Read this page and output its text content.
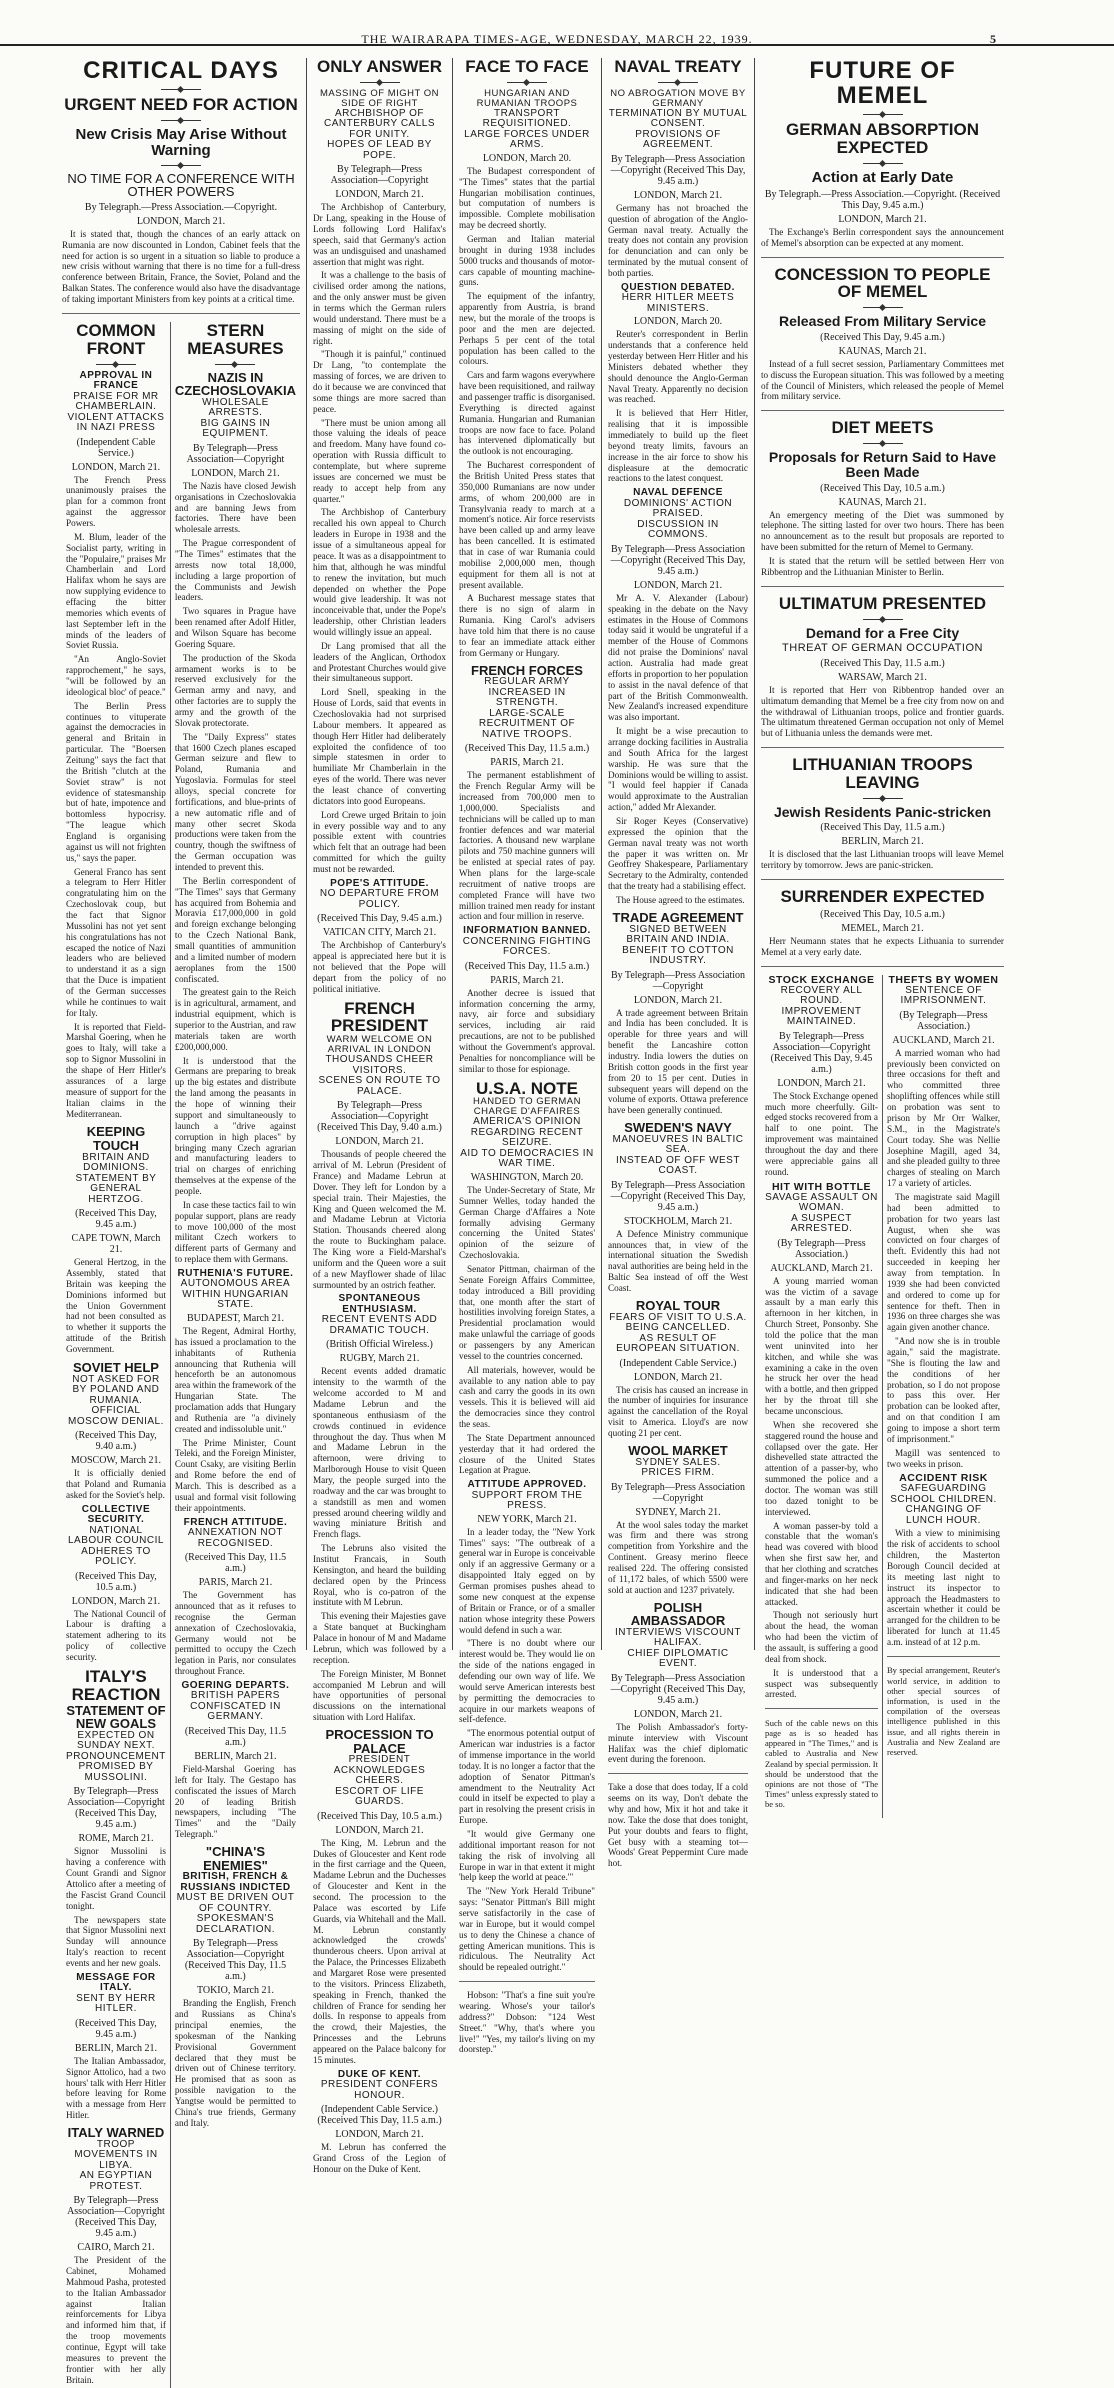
THE WAIRARAPA TIMES-AGE, WEDNESDAY, MARCH 22, 1939.	5
CRITICAL DAYS
URGENT NEED FOR ACTION
New Crisis May Arise Without Warning
NO TIME FOR A CONFERENCE WITH OTHER POWERS
By Telegraph.—Press Association.—Copyright.
LONDON, March 21.

It is stated that, though the chances of an early attack on Rumania are now discounted in London, Cabinet feels that the need for action is so urgent in a situation so liable to produce a new crisis without warning that there is no time for a full-dress conference between Britain, France, the Soviet, Poland and the Balkan States. The conference would also have the disadvantage of taking important Ministers from key points at a critical time.

COMMON FRONT
APPROVAL IN FRANCE
PRAISE FOR MR CHAMBERLAIN.
VIOLENT ATTACKS IN NAZI PRESS
(Independent Cable Service.)
LONDON, March 21.

The French Press unanimously praises the plan for a common front against the aggressor Powers.

M. Blum, leader of the Socialist party, writing in the "Populaire," praises Mr Chamberlain and Lord Halifax whom he says are now supplying evidence to effacing the bitter memories which events of last September left in the minds of the leaders of Soviet Russia.

"An Anglo-Soviet rapprochement," he says, "will be followed by an ideological bloc' of peace."

The Berlin Press continues to vituperate against the democracies in general and Britain in particular. The "Boersen Zeitung" says the fact that the British "clutch at the Soviet straw" is not evidence of statesmanship but of hate, impotence and bottomless hypocrisy. "The league which England is organising against us will not frighten us," says the paper.

General Franco has sent a telegram to Herr Hitler congratulating him on the Czechoslovak coup, but the fact that Signor Mussolini has not yet sent his congratulations has not escaped the notice of Nazi leaders who are believed to understand it as a sign that the Duce is impatient of the German successes while he continues to wait for Italy.

It is reported that Field-Marshal Goering, when he goes to Italy, will take a sop to Signor Mussolini in the shape of Herr Hitler's assurances of a large measure of support for the Italian claims in the Mediterranean.

KEEPING TOUCH
BRITAIN AND DOMINIONS.
STATEMENT BY GENERAL HERTZOG.
(Received This Day, 9.45 a.m.)
CAPE TOWN, March 21.

General Hertzog, in the Assembly, stated that Britain was keeping the Dominions informed but the Union Government had not been consulted as to whether it supports the attitude of the British Government.

SOVIET HELP
NOT ASKED FOR BY POLAND AND RUMANIA.
OFFICIAL MOSCOW DENIAL.
(Received This Day, 9.40 a.m.)
MOSCOW, March 21.

It is officially denied that Poland and Rumania asked for the Soviet's help.

COLLECTIVE SECURITY.
NATIONAL LABOUR COUNCIL ADHERES TO POLICY.
(Received This Day, 10.5 a.m.)
LONDON, March 21.

The National Council of Labour is drafting a statement adhering to its policy of collective security.

ITALY'S REACTION
STATEMENT OF NEW GOALS
EXPECTED ON SUNDAY NEXT.
PRONOUNCEMENT PROMISED BY MUSSOLINI.
By Telegraph—Press Association—Copyright (Received This Day, 9.45 a.m.)
ROME, March 21.

Signor Mussolini is having a conference with Count Grandi and Signor Attolico after a meeting of the Fascist Grand Council tonight.

The newspapers state that Signor Mussolini next Sunday will announce Italy's reaction to recent events and her new goals.

MESSAGE FOR ITALY.
SENT BY HERR HITLER.
(Received This Day, 9.45 a.m.)
BERLIN, March 21.

The Italian Ambassador, Signor Attolico, had a two hours' talk with Herr Hitler before leaving for Rome with a message from Herr Hitler.

ITALY WARNED
TROOP MOVEMENTS IN LIBYA.
AN EGYPTIAN PROTEST.
By Telegraph—Press Association—Copyright (Received This Day, 9.45 a.m.)
CAIRO, March 21.

The President of the Cabinet, Mohamed Mahmoud Pasha, protested to the Italian Ambassador against Italian reinforcements for Libya and informed him that, if the troop movements continue, Egypt will take measures to prevent the frontier with her ally Britain.

STERN MEASURES
NAZIS IN CZECHOSLOVAKIA
WHOLESALE ARRESTS.
BIG GAINS IN EQUIPMENT.
By Telegraph—Press Association—Copyright
LONDON, March 21.

The Nazis have closed Jewish organisations in Czechoslovakia and are banning Jews from factories. There have been wholesale arrests.

The Prague correspondent of "The Times" estimates that the arrests now total 18,000, including a large proportion of the Communists and Jewish leaders.

Two squares in Prague have been renamed after Adolf Hitler, and Wilson Square has become Goering Square.

The production of the Skoda armament works is to be reserved exclusively for the German army and navy, and other factories are to supply the army and the growth of the Slovak protectorate.

The "Daily Express" states that 1600 Czech planes escaped German seizure and flew to Poland, Rumania and Yugoslavia. Formulas for steel alloys, special concrete for fortifications, and blue-prints of a new automatic rifle and of many other secret Skoda productions were taken from the country, though the swiftness of the German occupation was intended to prevent this.

The Berlin correspondent of "The Times" says that Germany has acquired from Bohemia and Moravia £17,000,000 in gold and foreign exchange belonging to the Czech National Bank, small quantities of ammunition and a limited number of modern aeroplanes from the 1500 confiscated.

The greatest gain to the Reich is in agricultural, armament, and industrial equipment, which is superior to the Austrian, and raw materials taken are worth £200,000,000.

It is understood that the Germans are preparing to break up the big estates and distribute the land among the peasants in the hope of winning their support and simultaneously to launch a "drive against corruption in high places" by bringing many Czech agrarian and manufacturing leaders to trial on charges of enriching themselves at the expense of the people.

In case these tactics fail to win popular support, plans are ready to move 100,000 of the most militant Czech workers to different parts of Germany and to replace them with Germans.

RUTHENIA'S FUTURE.
AUTONOMOUS AREA WITHIN HUNGARIAN STATE.
BUDAPEST, March 21.

The Regent, Admiral Horthy, has issued a proclamation to the inhabitants of Ruthenia announcing that Ruthenia will henceforth be an autonomous area within the framework of the Hungarian State. The proclamation adds that Hungary and Ruthenia are "a divinely created and indissoluble unit."

The Prime Minister, Count Teleki, and the Foreign Minister, Count Csaky, are visiting Berlin and Rome before the end of March. This is described as a usual and formal visit following their appointments.

FRENCH ATTITUDE.
ANNEXATION NOT RECOGNISED.
(Received This Day, 11.5 a.m.)
PARIS, March 21.

The Government has announced that as it refuses to recognise the German annexation of Czechoslovakia, Germany would not be permitted to occupy the Czech legation in Paris, nor consulates throughout France.

GOERING DEPARTS.
BRITISH PAPERS CONFISCATED IN GERMANY.
(Received This Day, 11.5 a.m.)
BERLIN, March 21.

Field-Marshal Goering has left for Italy. The Gestapo has confiscated the issues of March 20 of leading British newspapers, including "The Times" and the "Daily Telegraph."

"CHINA'S ENEMIES"
BRITISH, FRENCH & RUSSIANS INDICTED
MUST BE DRIVEN OUT OF COUNTRY.
SPOKESMAN'S DECLARATION.
By Telegraph—Press Association—Copyright (Received This Day, 11.5 a.m.)
TOKIO, March 21.

Branding the English, French and Russians as China's principal enemies, the spokesman of the Nanking Provisional Government declared that they must be driven out of Chinese territory. He promised that as soon as possible navigation to the Yangtse would be permitted to China's true friends, Germany and Italy.

ONLY ANSWER
MASSING OF MIGHT ON SIDE OF RIGHT
ARCHBISHOP OF CANTERBURY CALLS FOR UNITY.
HOPES OF LEAD BY POPE.
By Telegraph—Press Association—Copyright
LONDON, March 21.

The Archbishop of Canterbury, Dr Lang, speaking in the House of Lords following Lord Halifax's speech, said that Germany's action was an undisguised and unashamed assertion that might was right.

It was a challenge to the basis of civilised order among the nations, and the only answer must be given in terms which the German rulers would understand. There must be a massing of might on the side of right.

"Though it is painful," continued Dr Lang, "to contemplate the massing of forces, we are driven to do it because we are convinced that some things are more sacred than peace.

"There must be union among all those valuing the ideals of peace and freedom. Many have found co-operation with Russia difficult to contemplate, but where supreme issues are concerned we must be ready to accept help from any quarter."

The Archbishop of Canterbury recalled his own appeal to Church leaders in Europe in 1938 and the issue of a simultaneous appeal for peace. It was as a disappointment to him that, although he was mindful to renew the invitation, but much depended on whether the Pope would give leadership. It was not inconceivable that, under the Pope's leadership, other Christian leaders would willingly issue an appeal.

Dr Lang promised that all the leaders of the Anglican, Orthodox and Protestant Churches would give their simultaneous support.

Lord Snell, speaking in the House of Lords, said that events in Czechoslovakia had not surprised Labour members. It appeared as though Herr Hitler had deliberately exploited the confidence of too simple statesmen in order to humiliate Mr Chamberlain in the eyes of the world. There was never the least chance of converting dictators into good Europeans.

Lord Crewe urged Britain to join in every possible way and to any possible extent with countries which felt that an outrage had been committed for which the guilty must not be rewarded.

POPE'S ATTITUDE.
NO DEPARTURE FROM POLICY.
(Received This Day, 9.45 a.m.)
VATICAN CITY, March 21.

The Archbishop of Canterbury's appeal is appreciated here but it is not believed that the Pope will depart from the policy of no political initiative.

FRENCH PRESIDENT
WARM WELCOME ON ARRIVAL IN LONDON
THOUSANDS CHEER VISITORS.
SCENES ON ROUTE TO PALACE.
By Telegraph—Press Association—Copyright (Received This Day, 9.40 a.m.)
LONDON, March 21.

Thousands of people cheered the arrival of M. Lebrun (President of France) and Madame Lebrun at Dover. They left for London by a special train. Their Majesties, the King and Queen welcomed the M. and Madame Lebrun at Victoria Station. Thousands cheered along the route to Buckingham palace. The King wore a Field-Marshal's uniform and the Queen wore a suit of a new Mayflower shade of lilac surmounted by an ostrich feather.

SPONTANEOUS ENTHUSIASM.
RECENT EVENTS ADD DRAMATIC TOUCH.
(British Official Wireless.)
RUGBY, March 21.

Recent events added dramatic intensity to the warmth of the welcome accorded to M and Madame Lebrun and the spontaneous enthusiasm of the crowds continued in evidence throughout the day. Thus when M and Madame Lebrun in the afternoon, were driving to Marlborough House to visit Queen Mary, the people surged into the roadway and the car was brought to a standstill as men and women pressed around cheering wildly and waving miniature British and French flags.

The Lebruns also visited the Institut Francais, in South Kensington, and heard the building declared open by the Princess Royal, who is co-patron of the institute with M Lebrun.

This evening their Majesties gave a State banquet at Buckingham Palace in honour of M and Madame Lebrun, which was followed by a reception.

The Foreign Minister, M Bonnet accompanied M Lebrun and will have opportunities of personal discussions on the international situation with Lord Halifax.

PROCESSION TO PALACE
PRESIDENT ACKNOWLEDGES CHEERS.
ESCORT OF LIFE GUARDS.
(Received This Day, 10.5 a.m.)
LONDON, March 21.

The King, M. Lebrun and the Dukes of Gloucester and Kent rode in the first carriage and the Queen, Madame Lebrun and the Duchesses of Gloucester and Kent in the second. The procession to the Palace was escorted by Life Guards, via Whitehall and the Mall. M. Lebrun constantly acknowledged the crowds' thunderous cheers. Upon arrival at the Palace, the Princesses Elizabeth and Margaret Rose were presented to the visitors. Princess Elizabeth, speaking in French, thanked the children of France for sending her dolls. In response to appeals from the crowd, their Majesties, the Princesses and the Lebruns appeared on the Palace balcony for 15 minutes.

DUKE OF KENT.
PRESIDENT CONFERS HONOUR.
(Independent Cable Service.) (Received This Day, 11.5 a.m.)
LONDON, March 21.

M. Lebrun has conferred the Grand Cross of the Legion of Honour on the Duke of Kent.

FACE TO FACE
HUNGARIAN AND RUMANIAN TROOPS
TRANSPORT REQUISITIONED.
LARGE FORCES UNDER ARMS.
LONDON, March 20.

The Budapest correspondent of "The Times" states that the partial Hungarian mobilisation continues, but computation of numbers is impossible. Complete mobilisation may be decreed shortly.

German and Italian material brought in during 1938 includes 5000 trucks and thousands of motor-cars capable of mounting machine-guns.

The equipment of the infantry, apparently from Austria, is brand new, but the morale of the troops is poor and the men are dejected. Perhaps 5 per cent of the total population has been called to the colours.

Cars and farm wagons everywhere have been requisitioned, and railway and passenger traffic is disorganised. Everything is directed against Rumania. Hungarian and Rumanian troops are now face to face. Poland has intervened diplomatically but the outlook is not encouraging.

The Bucharest correspondent of the British United Press states that 350,000 Rumanians are now under arms, of whom 200,000 are in Transylvania ready to march at a moment's notice. Air force reservists have been called up and army leave has been cancelled. It is estimated that in case of war Rumania could mobilise 2,000,000 men, though equipment for them all is not at present available.

A Bucharest message states that there is no sign of alarm in Rumania. King Carol's advisers have told him that there is no cause to fear an immediate attack either from Germany or Hungary.

FRENCH FORCES
REGULAR ARMY INCREASED IN STRENGTH.
LARGE-SCALE RECRUITMENT OF NATIVE TROOPS.
(Received This Day, 11.5 a.m.)
PARIS, March 21.

The permanent establishment of the French Regular Army will be increased from 700,000 men to 1,000,000. Specialists and technicians will be called up to man frontier defences and war material factories. A thousand new warplane pilots and 750 machine gunners will be enlisted at special rates of pay. When plans for the large-scale recruitment of native troops are completed France will have two million trained men ready for instant action and four million in reserve.

INFORMATION BANNED.
CONCERNING FIGHTING FORCES.
(Received This Day, 11.5 a.m.)
PARIS, March 21.

Another decree is issued that information concerning the army, navy, air force and subsidiary services, including air raid precautions, are not to be published without the Government's approval. Penalties for noncompliance will be similar to those for espionage.

U.S.A. NOTE
HANDED TO GERMAN CHARGE D'AFFAIRES
AMERICA'S OPINION REGARDING RECENT SEIZURE.
AID TO DEMOCRACIES IN WAR TIME.
WASHINGTON, March 20.

The Under-Secretary of State, Mr Sumner Welles, today handed the German Charge d'Affaires a Note formally advising Germany concerning the United States' opinion of the seizure of Czechoslovakia.

Senator Pittman, chairman of the Senate Foreign Affairs Committee, today introduced a Bill providing that, one month after the start of hostilities involving foreign States, a Presidential proclamation would make unlawful the carriage of goods or passengers by any American vessel to the countries concerned.

All materials, however, would be available to any nation able to pay cash and carry the goods in its own vessels. This it is believed will aid the democracies since they control the seas.

The State Department announced yesterday that it had ordered the closure of the United States Legation at Prague.

ATTITUDE APPROVED.
SUPPORT FROM THE PRESS.
NEW YORK, March 21.

In a leader today, the "New York Times" says: "The outbreak of a general war in Europe is conceivable only if an aggressive Germany or a disappointed Italy egged on by German promises pushes ahead to some new conquest at the expense of Britain or France, or of a smaller nation whose integrity these Powers would defend in such a war.

"There is no doubt where our interest would be. They would lie on the side of the nations engaged in defending our own way of life. We would serve American interests best by permitting the democracies to acquire in our markets weapons of self-defence.

"The enormous potential output of American war industries is a factor of immense importance in the world today. It is no longer a factor that the adoption of Senator Pittman's amendment to the Neutrality Act could in itself be expected to play a part in resolving the present crisis in Europe.

"It would give Germany one additional important reason for not taking the risk of involving all Europe in war in that extent it might 'help keep the world at peace.'"

The "New York Herald Tribune" says: "Senator Pittman's Bill might serve satisfactorily in the case of war in Europe, but it would compel us to deny the Chinese a chance of getting American munitions. This is ridiculous. The Neutrality Act should be repealed outright."

Hobson: "That's a fine suit you're wearing. Whose's your tailor's address?" Dobson: "124 West Street." "Why, that's where you live!" "Yes, my tailor's living on my doorstep."

NAVAL TREATY
NO ABROGATION MOVE BY GERMANY
TERMINATION BY MUTUAL CONSENT.
PROVISIONS OF AGREEMENT.
By Telegraph—Press Association—Copyright (Received This Day, 9.45 a.m.)
LONDON, March 21.

Germany has not broached the question of abrogation of the Anglo-German naval treaty. Actually the treaty does not contain any provision for denunciation and can only be terminated by the mutual consent of both parties.

QUESTION DEBATED.
HERR HITLER MEETS MINISTERS.
LONDON, March 20.

Reuter's correspondent in Berlin understands that a conference held yesterday between Herr Hitler and his Ministers debated whether they should denounce the Anglo-German Naval Treaty. Apparently no decision was reached.

It is believed that Herr Hitler, realising that it is impossible immediately to build up the fleet beyond treaty limits, favours an increase in the air force to show his displeasure at the democratic reactions to the latest conquest.

NAVAL DEFENCE
DOMINIONS' ACTION PRAISED.
DISCUSSION IN COMMONS.
By Telegraph—Press Association—Copyright (Received This Day, 9.45 a.m.)
LONDON, March 21.

Mr A. V. Alexander (Labour) speaking in the debate on the Navy estimates in the House of Commons today said it would be ungrateful if a member of the House of Commons did not praise the Dominions' naval action. Australia had made great efforts in proportion to her population to assist in the naval defence of that part of the British Commonwealth. New Zealand's increased expenditure was also important.

It might be a wise precaution to arrange docking facilities in Australia and South Africa for the largest warship. He was sure that the Dominions would be willing to assist. "I would feel happier if Canada would approximate to the Australian action," added Mr Alexander.

Sir Roger Keyes (Conservative) expressed the opinion that the German naval treaty was not worth the paper it was written on. Mr Geoffrey Shakespeare, Parliamentary Secretary to the Admiralty, contended that the treaty had a stabilising effect.

The House agreed to the estimates.

TRADE AGREEMENT
SIGNED BETWEEN BRITAIN AND INDIA.
BENEFIT TO COTTON INDUSTRY.
By Telegraph—Press Association—Copyright
LONDON, March 21.

A trade agreement between Britain and India has been concluded. It is operable for three years and will benefit the Lancashire cotton industry. India lowers the duties on British cotton goods in the first year from 20 to 15 per cent. Duties in subsequent years will depend on the volume of exports. Ottawa preference have been generally continued.

SWEDEN'S NAVY
MANOEUVRES IN BALTIC SEA.
INSTEAD OF OFF WEST COAST.
By Telegraph—Press Association—Copyright (Received This Day, 9.45 a.m.)
STOCKHOLM, March 21.

A Defence Ministry communique announces that, in view of the international situation the Swedish naval authorities are being held in the Baltic Sea instead of off the West Coast.

ROYAL TOUR
FEARS OF VISIT TO U.S.A. BEING CANCELLED.
AS RESULT OF EUROPEAN SITUATION.
(Independent Cable Service.)
LONDON, March 21.

The crisis has caused an increase in the number of inquiries for insurance against the cancellation of the Royal visit to America. Lloyd's are now quoting 21 per cent.

WOOL MARKET
SYDNEY SALES.
PRICES FIRM.
By Telegraph—Press Association—Copyright
SYDNEY, March 21.

At the wool sales today the market was firm and there was strong competition from Yorkshire and the Continent. Greasy merino fleece realised 22d. The offering consisted of 11,172 bales, of which 5500 were sold at auction and 1237 privately.

POLISH AMBASSADOR
INTERVIEWS VISCOUNT HALIFAX.
CHIEF DIPLOMATIC EVENT.
By Telegraph—Press Association—Copyright (Received This Day, 9.45 a.m.)
LONDON, March 21.

The Polish Ambassador's forty-minute interview with Viscount Halifax was the chief diplomatic event during the forenoon.

Take a dose that does today, If a cold seems on its way, Don't debate the why and how, Mix it hot and take it now. Take the dose that does tonight, Put your doubts and fears to flight, Get busy with a steaming tot— Woods' Great Peppermint Cure made hot.

FUTURE OF MEMEL
GERMAN ABSORPTION EXPECTED
Action at Early Date
By Telegraph.—Press Association.—Copyright. (Received This Day, 9.45 a.m.)
LONDON, March 21.

The Exchange's Berlin correspondent says the announcement of Memel's absorption can be expected at any moment.

CONCESSION TO PEOPLE OF MEMEL
Released From Military Service
(Received This Day, 9.45 a.m.)
KAUNAS, March 21.

Instead of a full secret session, Parliamentary Committees met to discuss the European situation. This was followed by a meeting of the Council of Ministers, which released the people of Memel from military service.

DIET MEETS
Proposals for Return Said to Have Been Made
(Received This Day, 10.5 a.m.)
KAUNAS, March 21.

An emergency meeting of the Diet was summoned by telephone. The sitting lasted for over two hours. There has been no announcement as to the result but proposals are reported to have been submitted for the return of Memel to Germany.

It is stated that the return will be settled between Herr von Ribbentrop and the Lithuanian Minister to Berlin.

ULTIMATUM PRESENTED
Demand for a Free City
THREAT OF GERMAN OCCUPATION
(Received This Day, 11.5 a.m.)
WARSAW, March 21.

It is reported that Herr von Ribbentrop handed over an ultimatum demanding that Memel be a free city from now on and the withdrawal of Lithuanian troops, police and frontier guards. The ultimatum threatened German occupation not only of Memel but of Lithuania unless the demands were met.

LITHUANIAN TROOPS LEAVING
Jewish Residents Panic-stricken
(Received This Day, 11.5 a.m.)
BERLIN, March 21.

It is disclosed that the last Lithuanian troops will leave Memel territory by tomorrow. Jews are panic-stricken.

SURRENDER EXPECTED
(Received This Day, 10.5 a.m.)
MEMEL, March 21.

Herr Neumann states that he expects Lithuania to surrender Memel at a very early date.

STOCK EXCHANGE
RECOVERY ALL ROUND.
IMPROVEMENT MAINTAINED.
By Telegraph—Press Association—Copyright (Received This Day, 9.45 a.m.)
LONDON, March 21.

The Stock Exchange opened much more cheerfully. Gilt-edged stocks recovered from a half to one point. The improvement was maintained throughout the day and there were appreciable gains all round.

HIT WITH BOTTLE
SAVAGE ASSAULT ON WOMAN.
A SUSPECT ARRESTED.
(By Telegraph—Press Association.)
AUCKLAND, March 21.

A young married woman was the victim of a savage assault by a man early this afternoon in her kitchen, in Church Street, Ponsonby. She told the police that the man went uninvited into her kitchen, and while she was examining a cake in the oven he struck her over the head with a bottle, and then gripped her by the throat till she became unconscious.

When she recovered she staggered round the house and collapsed over the gate. Her dishevelled state attracted the attention of a passer-by, who summoned the police and a doctor. The woman was still too dazed tonight to be interviewed.

A woman passer-by told a constable that the woman's head was covered with blood when she first saw her, and that her clothing and scratches and finger-marks on her neck indicated that she had been attacked.

Though not seriously hurt about the head, the woman who had been the victim of the assault, is suffering a good deal from shock.

It is understood that a suspect was subsequently arrested.

Such of the cable news on this page as is so headed has appeared in "The Times," and is cabled to Australia and New Zealand by special permission. It should be understood that the opinions are not those of "The Times" unless expressly stated to be so.

THEFTS BY WOMEN
SENTENCE OF IMPRISONMENT.
(By Telegraph—Press Association.)
AUCKLAND, March 21.

A married woman who had previously been convicted on three occasions for theft and who committed three shoplifting offences while still on probation was sent to prison by Mr Orr Walker, S.M., in the Magistrate's Court today. She was Nellie Josephine Magill, aged 34, and she pleaded guilty to three charges of stealing on March 17 a variety of articles.

The magistrate said Magill had been admitted to probation for two years last August, when she was convicted on four charges of theft. Evidently this had not succeeded in keeping her away from temptation. In 1939 she had been convicted and ordered to come up for sentence for theft. Then in 1936 on three charges she was again given another chance.

"And now she is in trouble again," said the magistrate. "She is flouting the law and the conditions of her probation, so I do not propose to pass this over. Her probation can be looked after, and on that condition I am going to impose a short term of imprisonment."

Magill was sentenced to two weeks in prison.

ACCIDENT RISK
SAFEGUARDING SCHOOL CHILDREN.
CHANGING OF LUNCH HOUR.

With a view to minimising the risk of accidents to school children, the Masterton Borough Council decided at its meeting last night to instruct its inspector to approach the Headmasters to ascertain whether it could be arranged for the children to be liberated for lunch at 11.45 a.m. instead of at 12 p.m.

By special arrangement, Reuter's world service, in addition to other special sources of information, is used in the compilation of the overseas intelligence published in this issue, and all rights therein in Australia and New Zealand are reserved.
